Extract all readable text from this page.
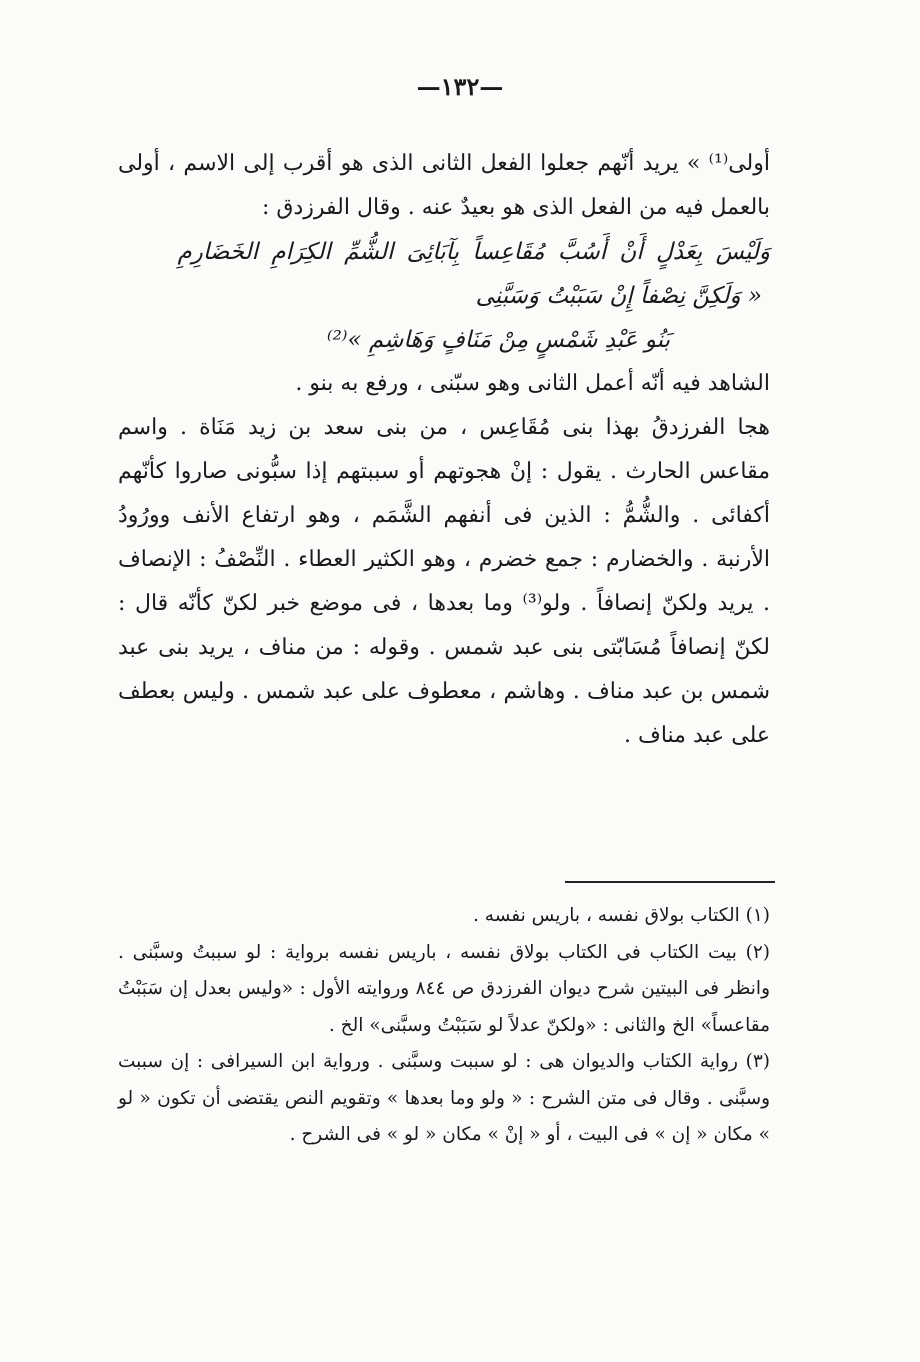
—١٣٢—

أولى⁽¹⁾ » يريد أنّهم جعلوا الفعل الثانى الذى هو أقرب إلى الاسم ، أولى بالعمل فيه من الفعل الذى هو بعيدٌ عنه . وقال الفرزدق :

وَلَيْسَ بِعَدْلٍ أَنْ أَسُبَّ مُقَاعِساً بِآبَائِىَ الشُّمِّ الكِرَامِ الخَضَارِمِ

« وَلَكِنَّ نِصْفاً إِنْ سَبَبْتُ وَسَبَّنِى

بَنُو عَبْدِ شَمْسٍ مِنْ مَنَافٍ وَهَاشِمِ »⁽²⁾

الشاهد فيه أنّه أعمل الثانى وهو سبّنى ، ورفع به بنو .

هجا الفرزدقُ بهذا بنى مُقَاعِس ، من بنى سعد بن زيد مَنَاة . واسم مقاعس الحارث . يقول : إنْ هجوتهم أو سببتهم إذا سبُّونى صاروا كأنّهم أكفائى . والشُّمُّ : الذين فى أنفهم الشَّمَم ، وهو ارتفاع الأنف وورُودُ الأرنبة . والخضارم : جمع خضرم ، وهو الكثير العطاء . النِّصْفُ : الإنصاف . يريد ولكنّ إنصافاً . ولو⁽³⁾ وما بعدها ، فى موضع خبر لكنّ كأنّه قال : لكنّ إنصافاً مُسَابّتى بنى عبد شمس . وقوله : من مناف ، يريد بنى عبد شمس بن عبد مناف . وهاشم ، معطوف على عبد شمس . وليس بعطف على عبد مناف .

(١) الكتاب بولاق نفسه ، باريس نفسه .

(٢) بيت الكتاب فى الكتاب بولاق نفسه ، باريس نفسه برواية : لو سببتُ وسبَّنى . وانظر فى البيتين شرح ديوان الفرزدق ص ٨٤٤ وروايته الأول : «وليس بعدل إن سَبَبْتُ مقاعساً» الخ والثانى : «ولكنّ عدلاً لو سَبَبْتُ وسبَّنى» الخ .

(٣) رواية الكتاب والديوان هى : لو سببت وسبَّنى . ورواية ابن السيرافى : إن سببت وسبَّنى . وقال فى متن الشرح : « ولو وما بعدها » وتقويم النص يقتضى أن تكون « لو » مكان « إن » فى البيت ، أو « إنْ » مكان « لو » فى الشرح .
